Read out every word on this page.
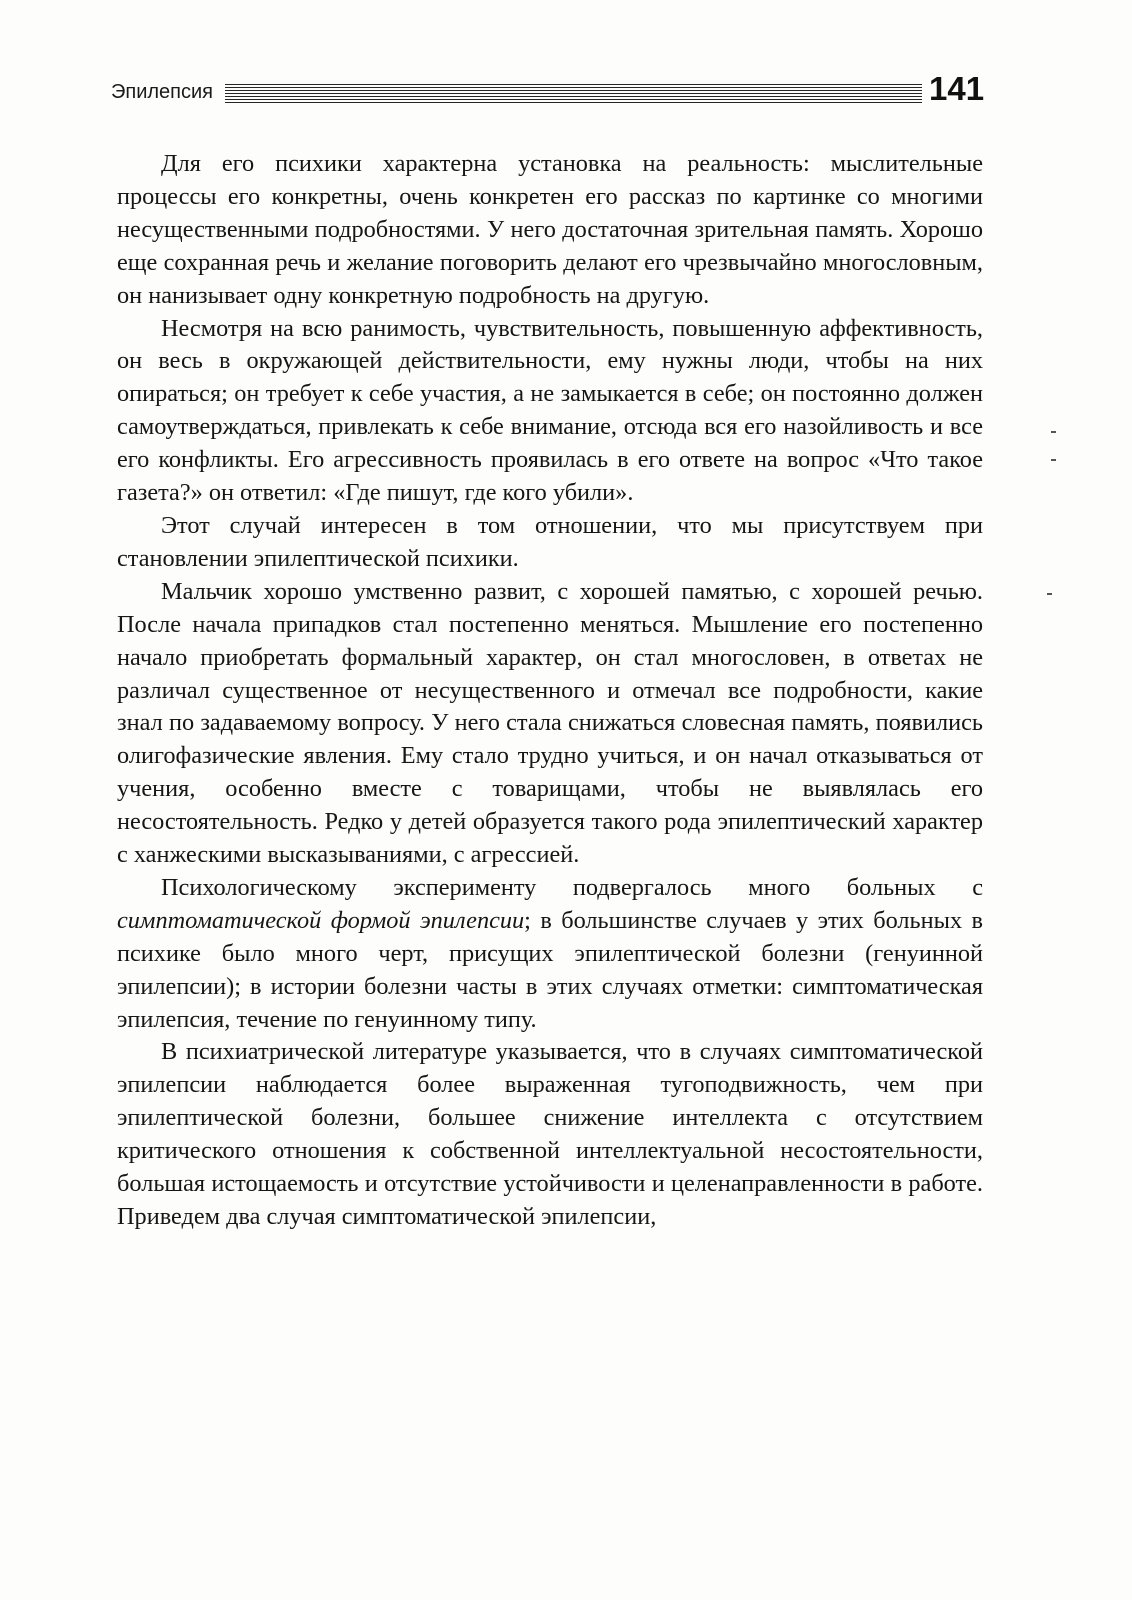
Эпилепсия	141

Для его психики характерна установка на реальность: мыслительные процессы его конкретны, очень конкретен его рассказ по картинке со многими несущественными подробностями. У него достаточная зрительная память. Хорошо еще сохранная речь и желание поговорить делают его чрезвычайно многословным, он нанизывает одну конкретную подробность на другую.

Несмотря на всю ранимость, чувствительность, повышенную аффективность, он весь в окружающей действительности, ему нужны люди, чтобы на них опираться; он требует к себе участия, а не замыкается в себе; он постоянно должен самоутверждаться, привлекать к себе внимание, отсюда вся его назойливость и все его конфликты. Его агрессивность проявилась в его ответе на вопрос «Что такое газета?» он ответил: «Где пишут, где кого убили».

Этот случай интересен в том отношении, что мы присутствуем при становлении эпилептической психики.

Мальчик хорошо умственно развит, с хорошей памятью, с хорошей речью. После начала припадков стал постепенно меняться. Мышление его постепенно начало приобретать формальный характер, он стал многословен, в ответах не различал существенное от несущественного и отмечал все подробности, какие знал по задаваемому вопросу. У него стала снижаться словесная память, появились олигофазические явления. Ему стало трудно учиться, и он начал отказываться от учения, особенно вместе с товарищами, чтобы не выявлялась его несостоятельность. Редко у детей образуется такого рода эпилептический характер с ханжескими высказываниями, с агрессией.

Психологическому эксперименту подвергалось много больных с симптоматической формой эпилепсии; в большинстве случаев у этих больных в психике было много черт, присущих эпилептической болезни (генуинной эпилепсии); в истории болезни часты в этих случаях отметки: симптоматическая эпилепсия, течение по генуинному типу.

В психиатрической литературе указывается, что в случаях симптоматической эпилепсии наблюдается более выраженная тугоподвижность, чем при эпилептической болезни, большее снижение интеллекта с отсутствием критического отношения к собственной интеллектуальной несостоятельности, большая истощаемость и отсутствие устойчивости и целенаправленности в работе. Приведем два случая симптоматической эпилепсии,
